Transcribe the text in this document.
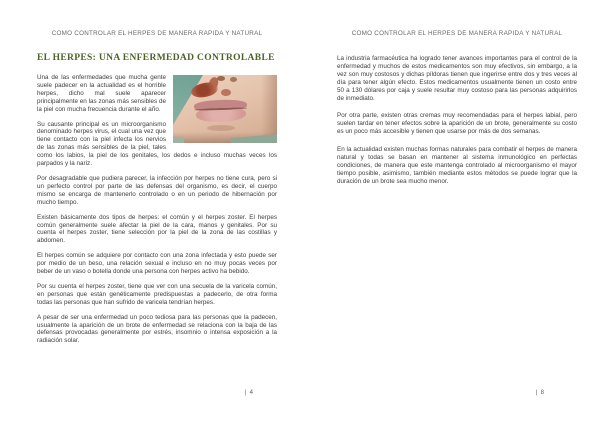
COMO CONTROLAR EL HERPES DE MANERA RAPIDA Y NATURAL
EL HERPES: UNA ENFERMEDAD CONTROLABLE

Una de las enfermedades que mucha gente suele padecer en la actualidad es el horrible herpes, dicho mal suele aparecer principalmente en las zonas más sensibles de la piel con mucha frecuencia durante el año.

Su causante principal es un microorganismo denominado herpes virus, el cual una vez que tiene contacto con la piel infecta los nervios de las zonas más sensibles de la piel, tales como los labios, la piel de los genitales, los dedos e incluso muchas veces los parpados y la nariz.

Por desagradable que pudiera parecer, la infección por herpes no tiene cura, pero si un perfecto control por parte de las defensas del organismo, es decir, el cuerpo mismo se encarga de mantenerlo controlado o en un periodo de hibernación por mucho tiempo.

Existen básicamente dos tipos de herpes: el común y el herpes zoster. El herpes común generalmente suele afectar la piel de la cara, manos y genitales. Por su cuenta el herpes zoster, tiene selección por la piel de la zona de las costillas y abdomen.

El herpes común se adquiere por contacto con una zona infectada y esto puede ser por medio de un beso, una relación sexual e incluso en no muy pocas veces por beber de un vaso o botella donde una persona con herpes activo ha bebido.

Por su cuenta el herpes zoster, tiene que ver con una secuela de la varicela común, en personas que están genéticamente predispuestas a padecerlo, de otra forma todas las personas que han sufrido de varicela tendrían herpes.

A pesar de ser una enfermedad un poco tediosa para las personas que la padecen, usualmente la aparición de un brote de enfermedad se relaciona con la baja de las defensas provocadas generalmente por estrés, insomnio o intensa exposición a la radiación solar.

| 4
COMO CONTROLAR EL HERPES DE MANERA RAPIDA Y NATURAL

La industria farmacéutica ha logrado tener avances importantes para el control de la enfermedad y muchos de estos medicamentos son muy efectivos, sin embargo, a la vez son muy costosos y dichas píldoras tienen que ingerirse entre dos y tres veces al día para tener algún efecto. Estos medicamentos usualmente tienen un costo entre 50 a 130 dólares por caja y suele resultar muy costoso para las personas adquirirlos de inmediato.

Por otra parte, existen otras cremas muy recomendadas para el herpes labial, pero suelen tardar en tener efectos sobre la aparición de un brote, generalmente su costo es un poco más accesible y tienen que usarse por más de dos semanas.

En la actualidad existen muchas formas naturales para combatir el herpes de manera natural y todas se basan en mantener al sistema inmunológico en perfectas condiciones, de manera que este mantenga controlado al microorganismo el mayor tiempo posible, asimismo, también mediante estos métodos se puede lograr que la duración de un brote sea mucho menor.

| 8
